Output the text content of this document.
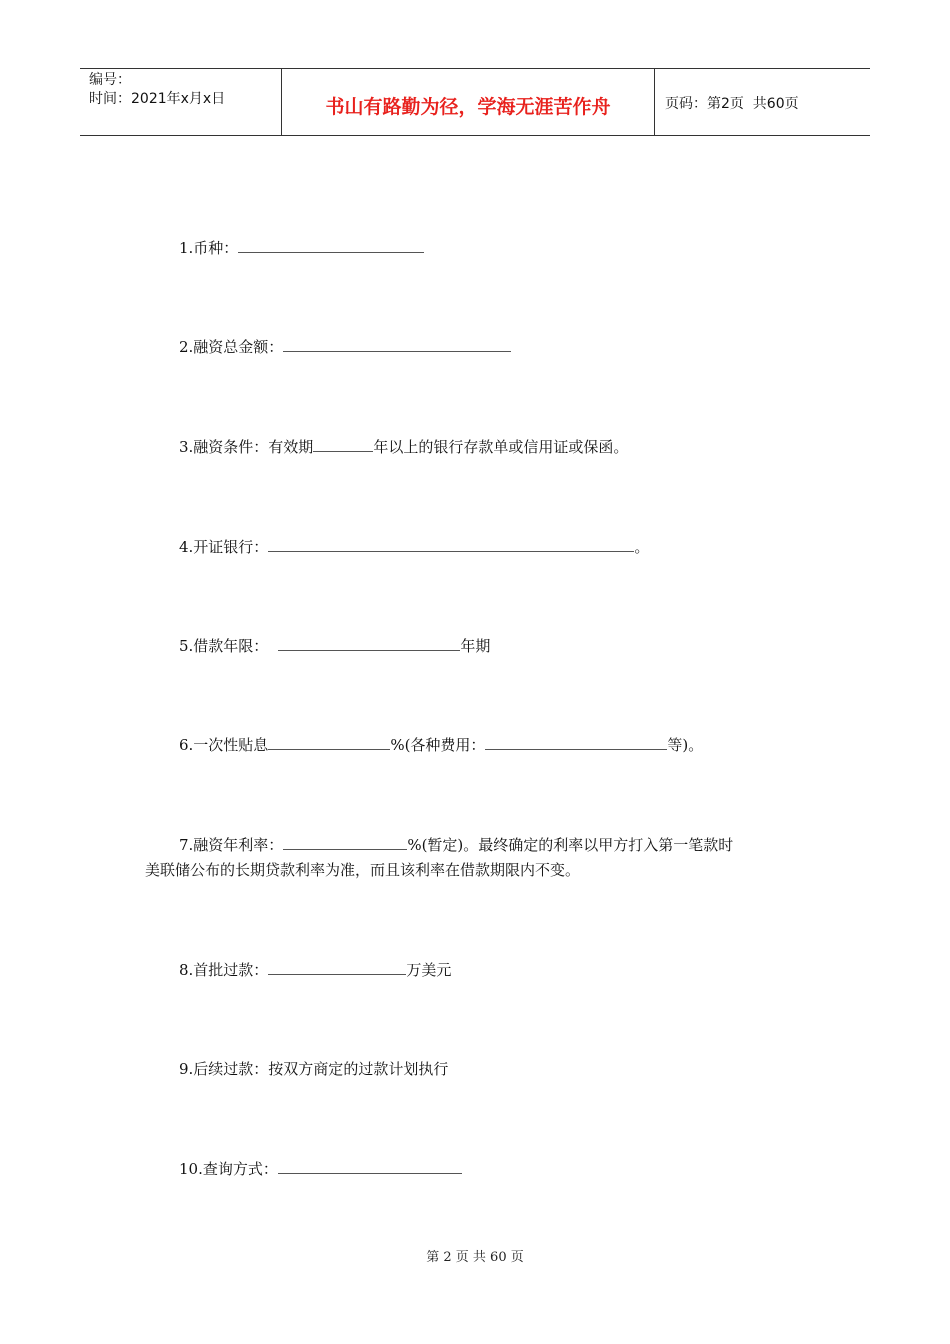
编号：
时间：2021年x月x日	书山有路勤为径，学海无涯苦作舟	页码：第2页  共60页
1.币种：
2.融资总金额：
3.融资条件：有效期	年以上的银行存款单或信用证或保函。
4.开证银行：	。
5.借款年限：	年期
6.一次性贴息	%(各种费用：	等)。
7.融资年利率：	%(暂定)。最终确定的利率以甲方打入第一笔款时
美联储公布的长期贷款利率为准，而且该利率在借款期限内不变。
8.首批过款：	万美元
9.后续过款：按双方商定的过款计划执行
10.查询方式：
第 2 页 共 60 页
